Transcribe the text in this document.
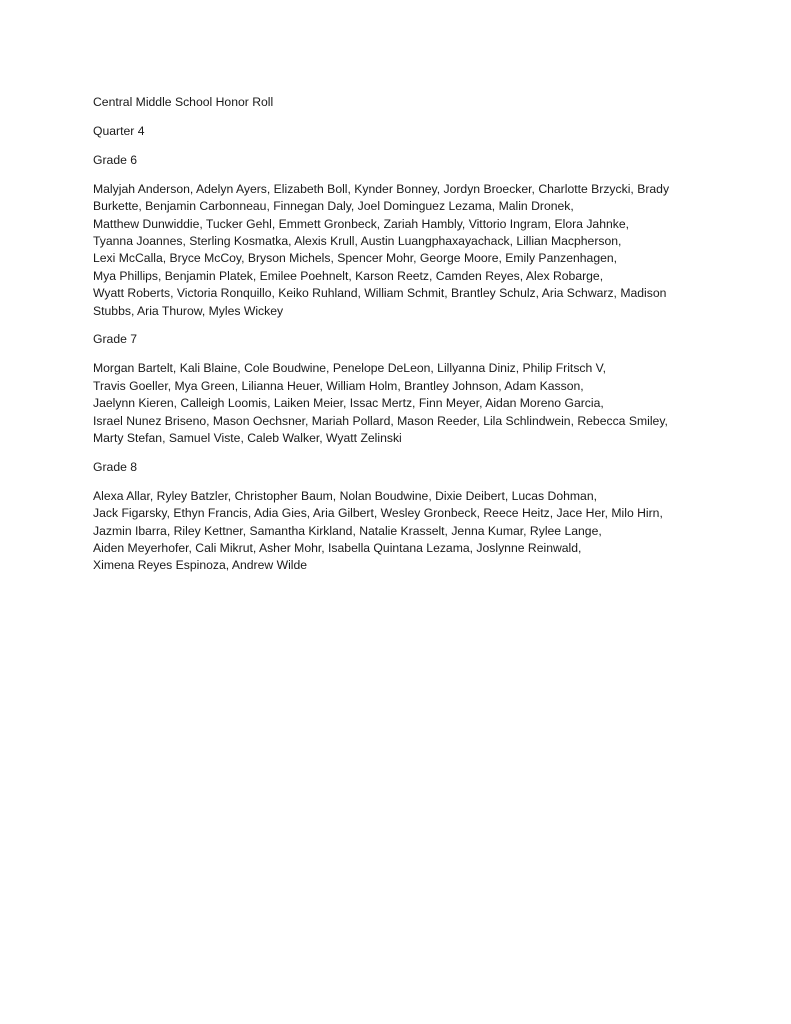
Central Middle School Honor Roll

Quarter 4

Grade 6

Malyjah Anderson, Adelyn Ayers, Elizabeth Boll, Kynder Bonney, Jordyn Broecker, Charlotte Brzycki, Brady
Burkette, Benjamin Carbonneau, Finnegan Daly, Joel Dominguez Lezama, Malin Dronek,
Matthew Dunwiddie, Tucker Gehl, Emmett Gronbeck, Zariah Hambly, Vittorio Ingram, Elora Jahnke,
Tyanna Joannes, Sterling Kosmatka, Alexis Krull, Austin Luangphaxayachack, Lillian Macpherson,
Lexi McCalla, Bryce McCoy, Bryson Michels, Spencer Mohr, George Moore, Emily Panzenhagen,
Mya Phillips, Benjamin Platek, Emilee Poehnelt, Karson Reetz, Camden Reyes, Alex Robarge,
Wyatt Roberts, Victoria Ronquillo, Keiko Ruhland, William Schmit, Brantley Schulz, Aria Schwarz, Madison
Stubbs, Aria Thurow, Myles Wickey

Grade 7

Morgan Bartelt, Kali Blaine, Cole Boudwine, Penelope DeLeon, Lillyanna Diniz, Philip Fritsch V,
Travis Goeller, Mya Green, Lilianna Heuer, William Holm, Brantley Johnson, Adam Kasson,
Jaelynn Kieren, Calleigh Loomis, Laiken Meier, Issac Mertz, Finn Meyer, Aidan Moreno Garcia,
Israel Nunez Briseno, Mason Oechsner, Mariah Pollard, Mason Reeder, Lila Schlindwein, Rebecca Smiley,
Marty Stefan, Samuel Viste, Caleb Walker, Wyatt Zelinski

Grade 8

Alexa Allar, Ryley Batzler, Christopher Baum, Nolan Boudwine, Dixie Deibert, Lucas Dohman,
Jack Figarsky, Ethyn Francis, Adia Gies, Aria Gilbert, Wesley Gronbeck, Reece Heitz, Jace Her, Milo Hirn,
Jazmin Ibarra, Riley Kettner, Samantha Kirkland, Natalie Krasselt, Jenna Kumar, Rylee Lange,
Aiden Meyerhofer, Cali Mikrut, Asher Mohr, Isabella Quintana Lezama, Joslynne Reinwald,
Ximena Reyes Espinoza, Andrew Wilde
